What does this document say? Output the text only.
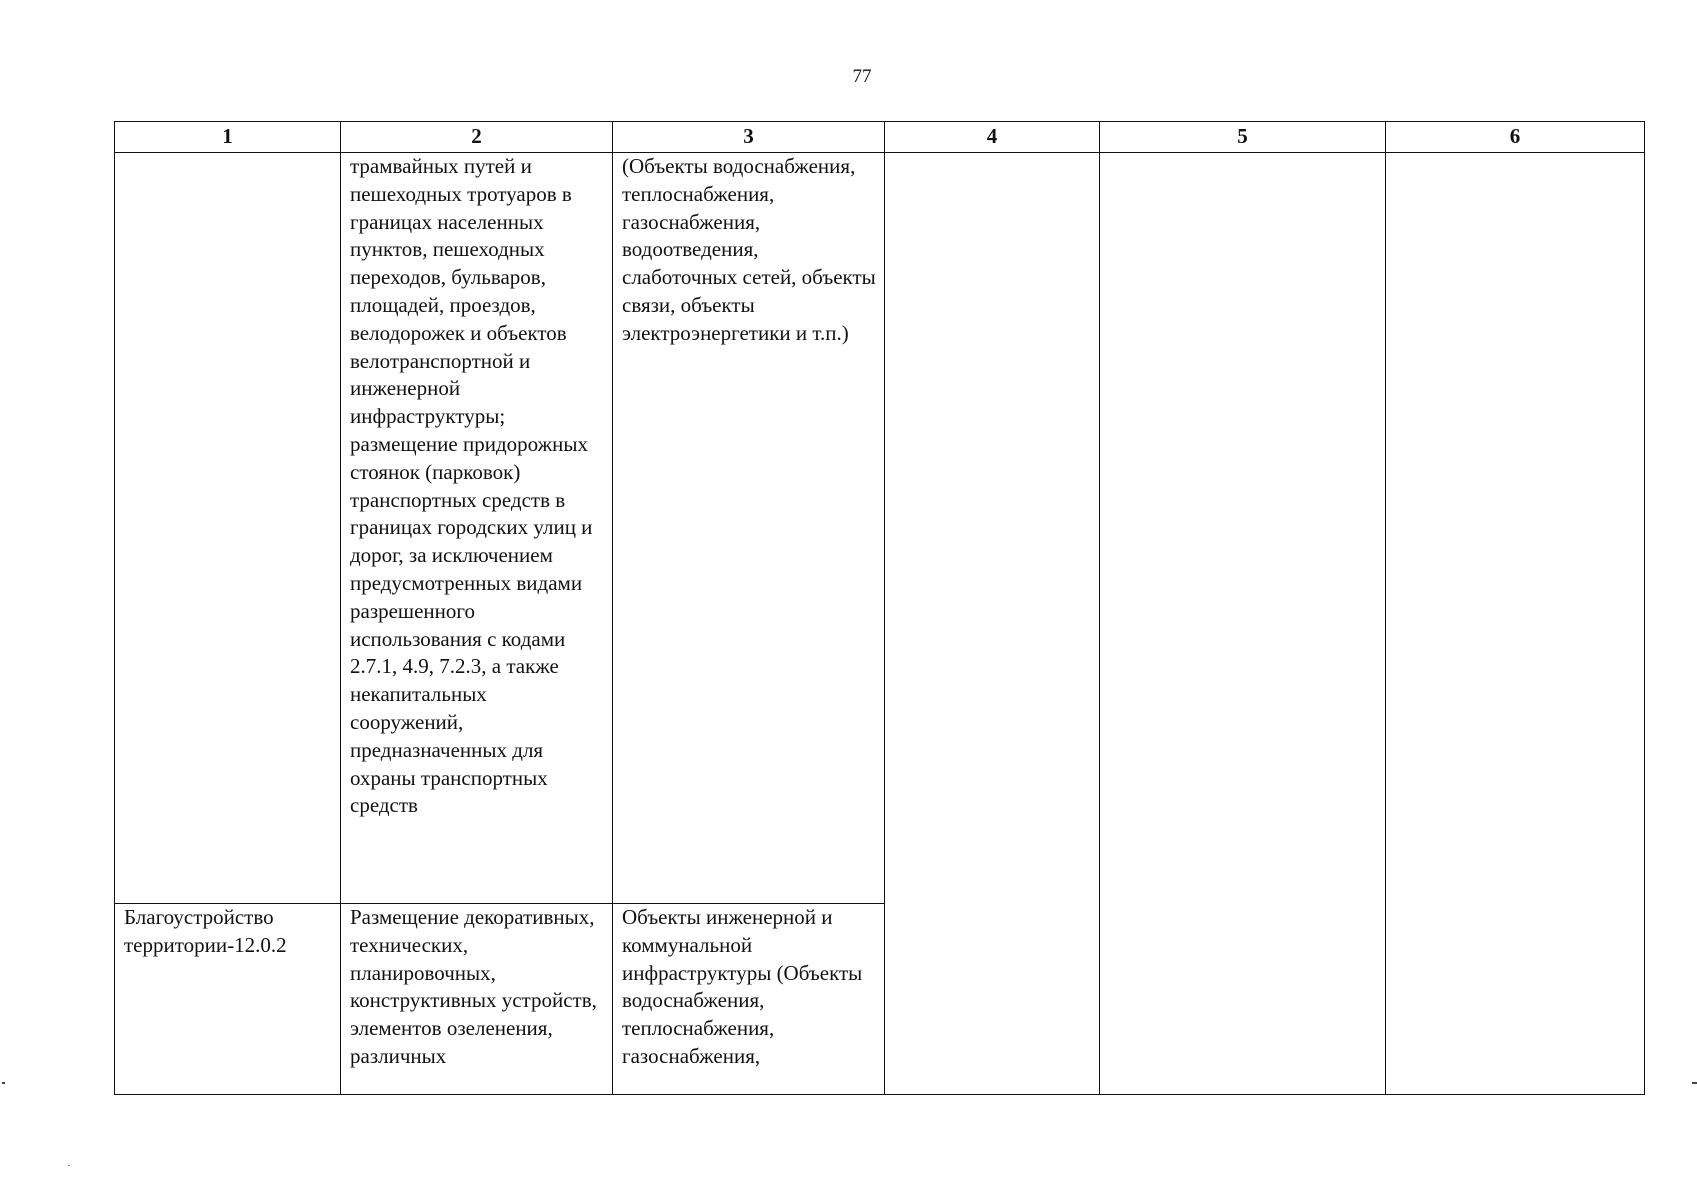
77
1	2	3	4	5	6

	трамвайных путей и пешеходных тротуаров в границах населенных пунктов, пешеходных переходов, бульваров, площадей, проездов, велодорожек и объектов велотранспортной и инженерной инфраструктуры; размещение придорожных стоянок (парковок) транспортных средств в границах городских улиц и дорог, за исключением предусмотренных видами разрешенного использования с кодами 2.7.1, 4.9, 7.2.3, а также некапитальных сооружений, предназначенных для охраны транспортных средств	(Объекты водоснабжения, теплоснабжения, газоснабжения, водоотведения, слаботочных сетей, объекты связи, объекты электроэнергетики и т.п.)			

Благоустройство территории-12.0.2	Размещение декоративных, технических, планировочных, конструктивных устройств, элементов озеленения, различных	Объекты инженерной и коммунальной инфраструктуры (Объекты водоснабжения, теплоснабжения, газоснабжения,			
